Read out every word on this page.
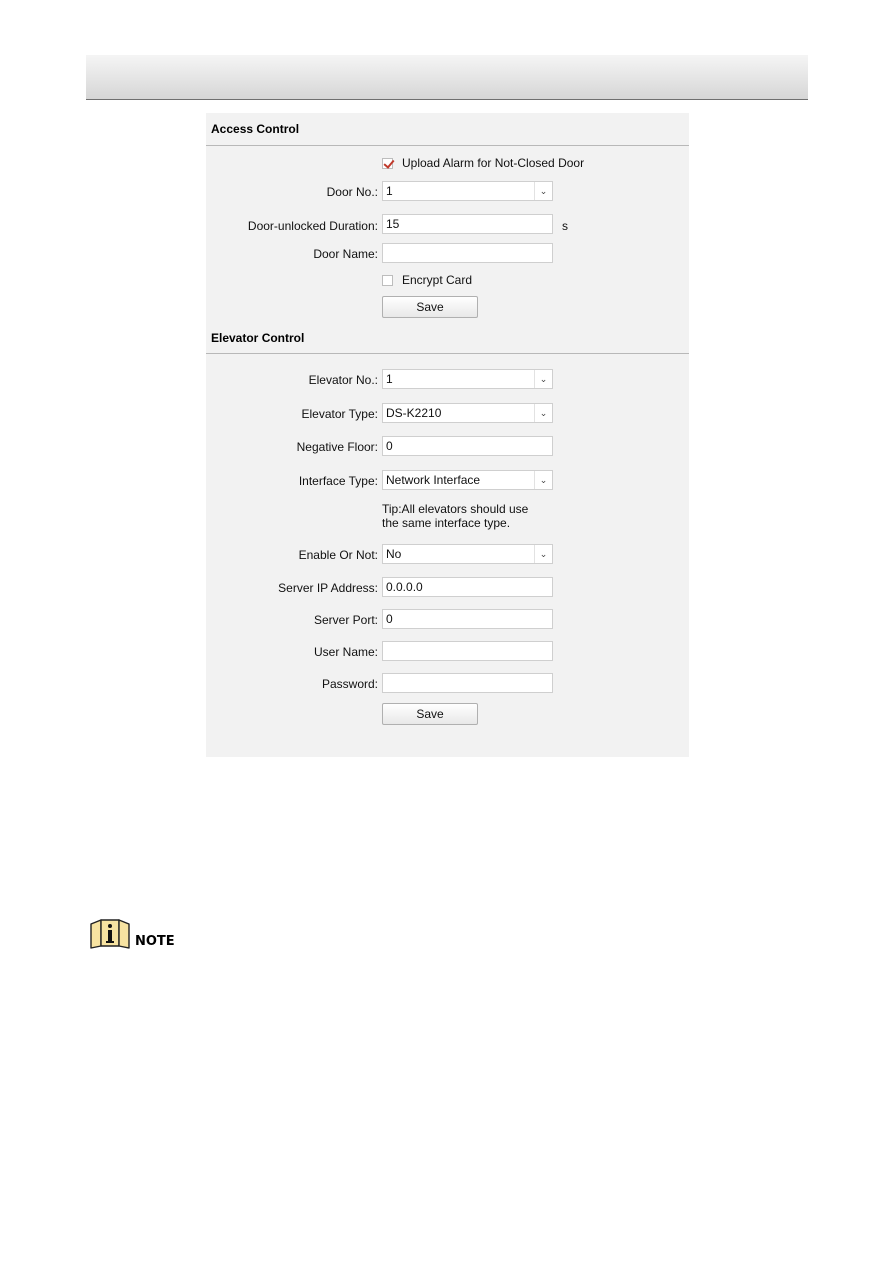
Access Control
Upload Alarm for Not-Closed Door
Door No.: 1	⌄
Door-unlocked Duration: 15	s
Door Name:
Encrypt Card
Save
Elevator Control
Elevator No.: 1	⌄
Elevator Type: DS-K2210	⌄
Negative Floor: 0
Interface Type: Network Interface	⌄
Tip:All elevators should use
the same interface type.
Enable Or Not: No	⌄
Server IP Address: 0.0.0.0
Server Port: 0
User Name:
Password:
Save
NOTE
